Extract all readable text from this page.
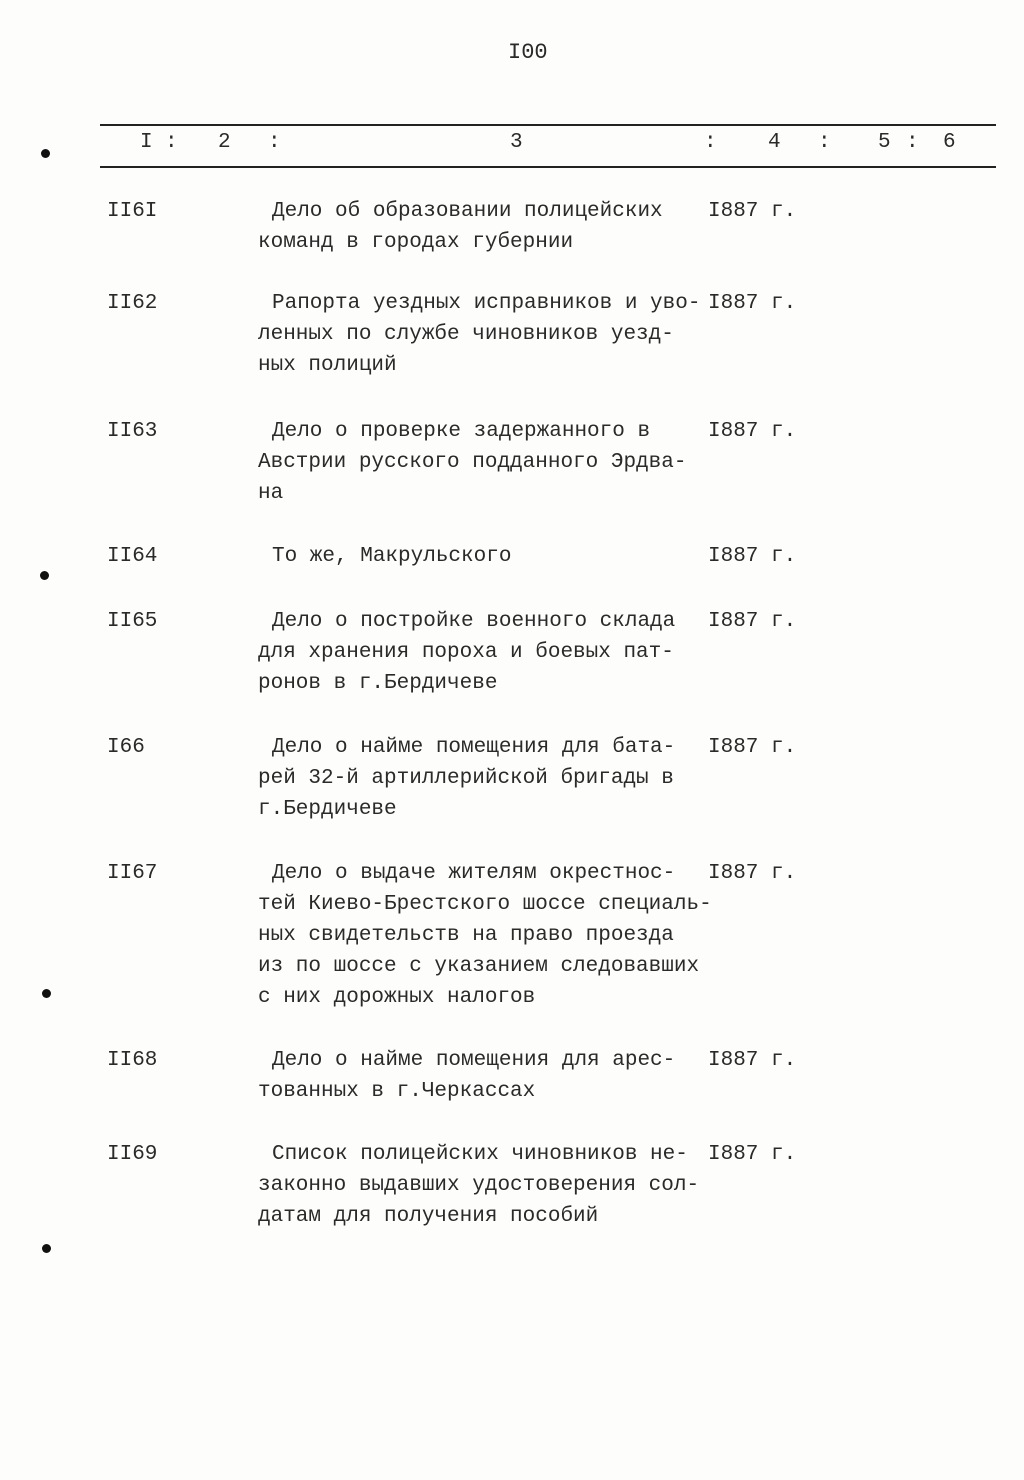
I00
I : 2 :	3	: 4 : 5 : 6
II6I	Дело об образовании полицейских
команд в городах губернии
I887 г.
II62	Рапорта уездных исправников и уво-
ленных по службе чиновников уезд-
ных полиций
I887 г.
II63	Дело о проверке задержанного в
Австрии русского подданного Эрдва-
на
I887 г.
II64	То же, Макрульского	I887 г.
II65	Дело о постройке военного склада
для хранения пороха и боевых пат-
ронов в г.Бердичеве
I887 г.
I66	Дело о найме помещения для бата-
рей 32-й артиллерийской бригады в
г.Бердичеве
I887 г.
II67	Дело о выдаче жителям окрестнос-
тей Киево-Брестского шоссе специаль-
ных свидетельств на право проезда
из по шоссе с указанием следовавших
с них дорожных налогов
I887 г.
II68	Дело о найме помещения для арес-
тованных в г.Черкассах
I887 г.
II69	Список полицейских чиновников не-
законно выдавших удостоверения сол-
датам для получения пособий
I887 г.
